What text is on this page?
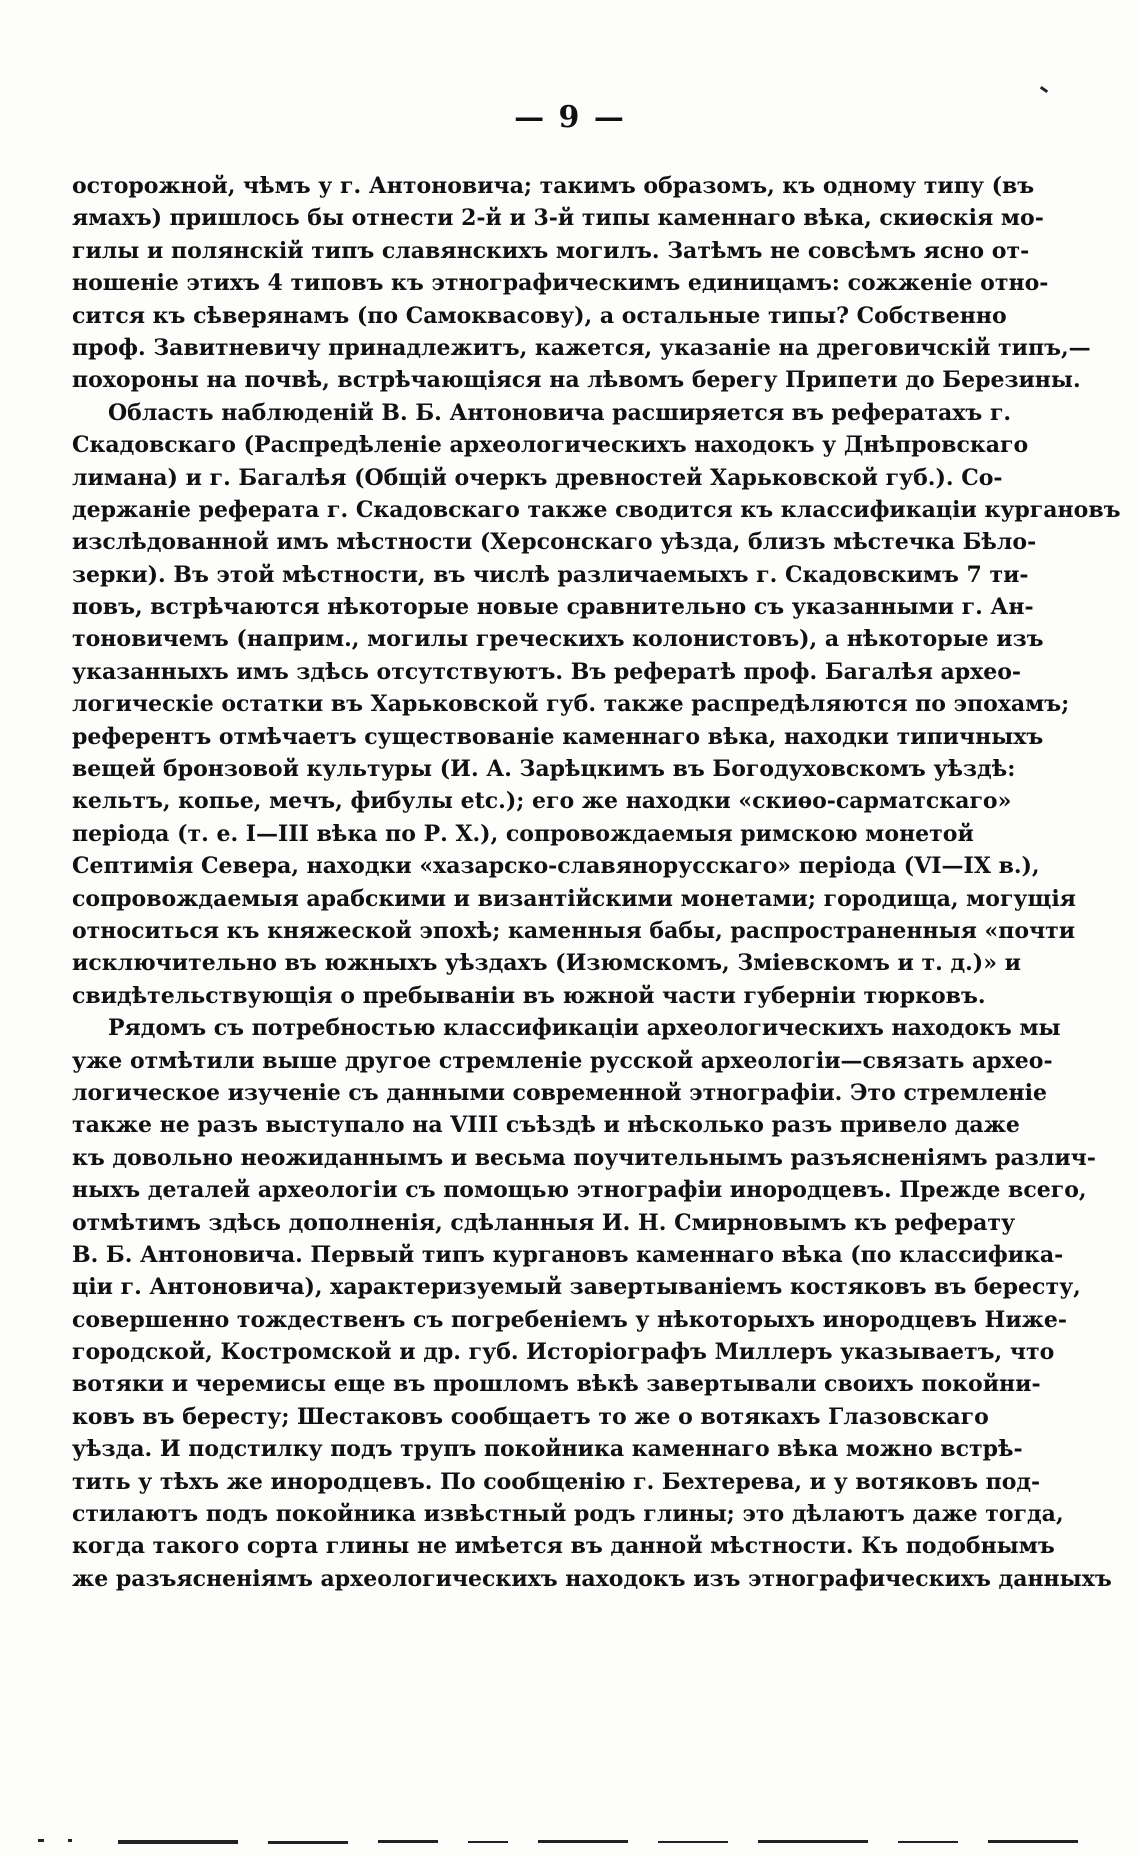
— 9 —
осторожной, чѣмъ у г. Антоновича; такимъ образомъ, къ одному типу (въ
ямахъ) пришлось бы отнести 2-й и 3-й типы каменнаго вѣка, скиѳскія мо-
гилы и полянскій типъ славянскихъ могилъ. Затѣмъ не совсѣмъ ясно от-
ношеніе этихъ 4 типовъ къ этнографическимъ единицамъ: сожженіе отно-
сится къ сѣверянамъ (по Самоквасову), а остальные типы? Собственно
проф. Завитневичу принадлежитъ, кажется, указаніе на дреговичскій типъ,—
похороны на почвѣ, встрѣчающіяся на лѣвомъ берегу Припети до Березины.
Область наблюденій В. Б. Антоновича расширяется въ рефератахъ г.
Скадовскаго (Распредѣленіе археологическихъ находокъ у Днѣпровскаго
лимана) и г. Багалѣя (Общій очеркъ древностей Харьковской губ.). Со-
держаніе реферата г. Скадовскаго также сводится къ классификаціи кургановъ
изслѣдованной имъ мѣстности (Херсонскаго уѣзда, близъ мѣстечка Бѣло-
зерки). Въ этой мѣстности, въ числѣ различаемыхъ г. Скадовскимъ 7 ти-
повъ, встрѣчаются нѣкоторые новые сравнительно съ указанными г. Ан-
тоновичемъ (наприм., могилы греческихъ колонистовъ), а нѣкоторые изъ
указанныхъ имъ здѣсь отсутствуютъ. Въ рефератѣ проф. Багалѣя архео-
логическіе остатки въ Харьковской губ. также распредѣляются по эпохамъ;
референтъ отмѣчаетъ существованіе каменнаго вѣка, находки типичныхъ
вещей бронзовой культуры (И. А. Зарѣцкимъ въ Богодуховскомъ уѣздѣ:
кельтъ, копье, мечъ, фибулы etc.); его же находки «скиѳо-сарматскаго»
періода (т. е. I—III вѣка по Р. Х.), сопровождаемыя римскою монетой
Септимія Севера, находки «хазарско-славянорусскаго» періода (VI—IX в.),
сопровождаемыя арабскими и византійскими монетами; городища, могущія
относиться къ княжеской эпохѣ; каменныя бабы, распространенныя «почти
исключительно въ южныхъ уѣздахъ (Изюмскомъ, Зміевскомъ и т. д.)» и
свидѣтельствующія о пребываніи въ южной части губерніи тюрковъ.
Рядомъ съ потребностью классификаціи археологическихъ находокъ мы
уже отмѣтили выше другое стремленіе русской археологіи—связать архео-
логическое изученіе съ данными современной этнографіи. Это стремленіе
также не разъ выступало на VIII съѣздѣ и нѣсколько разъ привело даже
къ довольно неожиданнымъ и весьма поучительнымъ разъясненіямъ различ-
ныхъ деталей археологіи съ помощью этнографіи инородцевъ. Прежде всего,
отмѣтимъ здѣсь дополненія, сдѣланныя И. Н. Смирновымъ къ реферату
В. Б. Антоновича. Первый типъ кургановъ каменнаго вѣка (по классифика-
ціи г. Антоновича), характеризуемый завертываніемъ костяковъ въ бересту,
совершенно тождественъ съ погребеніемъ у нѣкоторыхъ инородцевъ Ниже-
городской, Костромской и др. губ. Исторіографъ Миллеръ указываетъ, что
вотяки и черемисы еще въ прошломъ вѣкѣ завертывали своихъ покойни-
ковъ въ бересту; Шестаковъ сообщаетъ то же о вотякахъ Глазовскаго
уѣзда. И подстилку подъ трупъ покойника каменнаго вѣка можно встрѣ-
тить у тѣхъ же инородцевъ. По сообщенію г. Бехтерева, и у вотяковъ под-
стилаютъ подъ покойника извѣстный родъ глины; это дѣлаютъ даже тогда,
когда такого сорта глины не имѣется въ данной мѣстности. Къ подобнымъ
же разъясненіямъ археологическихъ находокъ изъ этнографическихъ данныхъ
